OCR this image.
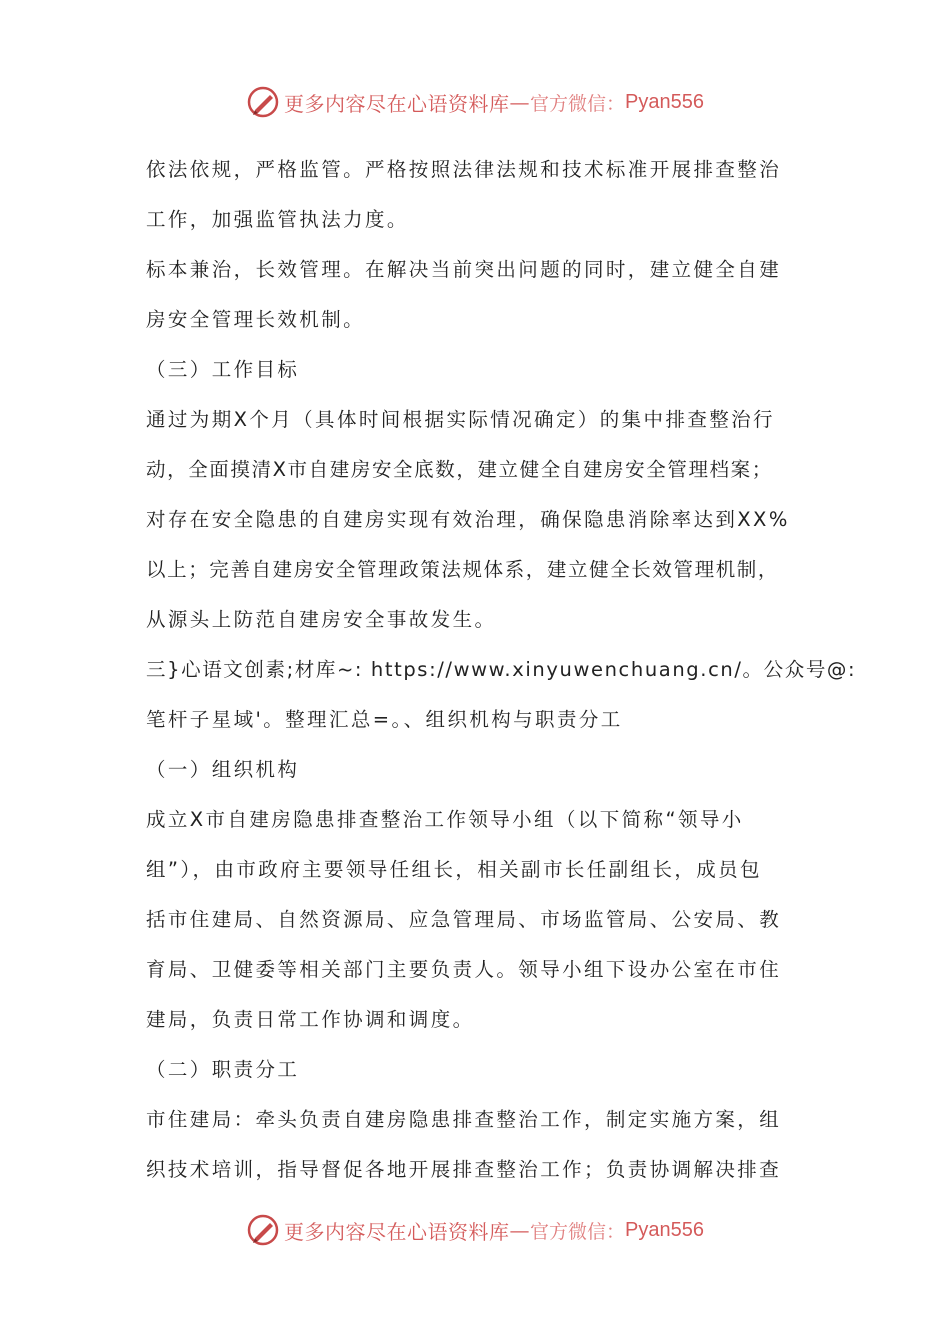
更多内容尽在心语资料库 — 官方微信： Pyan556
依法依规，严格监管。严格按照法律法规和技术标准开展排查整治
工作，加强监管执法力度。
标本兼治，长效管理。在解决当前突出问题的同时，建立健全自建
房安全管理长效机制。
（三）工作目标
通过为期X个月（具体时间根据实际情况确定）的集中排查整治行
动，全面摸清X市自建房安全底数，建立健全自建房安全管理档案；
对存在安全隐患的自建房实现有效治理，确保隐患消除率达到XX%
以上；完善自建房安全管理政策法规体系，建立健全长效管理机制，
从源头上防范自建房安全事故发生。
三}心语文创素;材库~: https://www.xinyuwenchuang.cn/。公众号@:
笔杆子星域'。整理汇总=。、组织机构与职责分工
（一）组织机构
成立X市自建房隐患排查整治工作领导小组（以下简称“领导小
组”），由市政府主要领导任组长，相关副市长任副组长，成员包
括市住建局、自然资源局、应急管理局、市场监管局、公安局、教
育局、卫健委等相关部门主要负责人。领导小组下设办公室在市住
建局，负责日常工作协调和调度。
（二）职责分工
市住建局：牵头负责自建房隐患排查整治工作，制定实施方案，组
织技术培训，指导督促各地开展排查整治工作；负责协调解决排查
更多内容尽在心语资料库 — 官方微信： Pyan556
